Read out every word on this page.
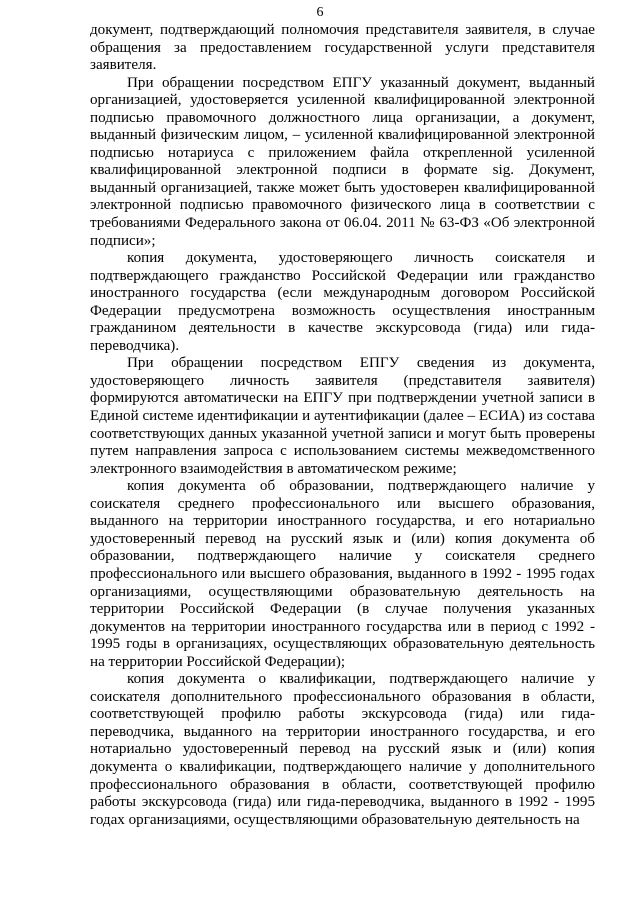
6

документ, подтверждающий полномочия представителя заявителя, в случае обращения за предоставлением государственной услуги представителя заявителя.

При обращении посредством ЕПГУ указанный документ, выданный организацией, удостоверяется усиленной квалифицированной электронной подписью правомочного должностного лица организации, а документ, выданный физическим лицом, – усиленной квалифицированной электронной подписью нотариуса с приложением файла открепленной усиленной квалифицированной электронной подписи в формате sig. Документ, выданный организацией, также может быть удостоверен квалифицированной электронной подписью правомочного физического лица в соответствии с требованиями Федерального закона от 06.04. 2011 № 63-ФЗ «Об электронной подписи»;

копия документа, удостоверяющего личность соискателя и подтверждающего гражданство Российской Федерации или гражданство иностранного государства (если международным договором Российской Федерации предусмотрена возможность осуществления иностранным гражданином деятельности в качестве экскурсовода (гида) или гида-переводчика).

При обращении посредством ЕПГУ сведения из документа, удостоверяющего личность заявителя (представителя заявителя) формируются автоматически на ЕПГУ при подтверждении учетной записи в Единой системе идентификации и аутентификации (далее – ЕСИА) из состава соответствующих данных указанной учетной записи и могут быть проверены путем направления запроса с использованием системы межведомственного электронного взаимодействия в автоматическом режиме;

копия документа об образовании, подтверждающего наличие у соискателя среднего профессионального или высшего образования, выданного на территории иностранного государства, и его нотариально удостоверенный перевод на русский язык и (или) копия документа об образовании, подтверждающего наличие у соискателя среднего профессионального или высшего образования, выданного в 1992 - 1995 годах организациями, осуществляющими образовательную деятельность на территории Российской Федерации (в случае получения указанных документов на территории иностранного государства или в период с 1992 - 1995 годы в организациях, осуществляющих образовательную деятельность на территории Российской Федерации);

копия документа о квалификации, подтверждающего наличие у соискателя дополнительного профессионального образования в области, соответствующей профилю работы экскурсовода (гида) или гида-переводчика, выданного на территории иностранного государства, и его нотариально удостоверенный перевод на русский язык и (или) копия документа о квалификации, подтверждающего наличие у дополнительного профессионального образования в области, соответствующей профилю работы экскурсовода (гида) или гида-переводчика, выданного в 1992 - 1995 годах организациями, осуществляющими образовательную деятельность на
